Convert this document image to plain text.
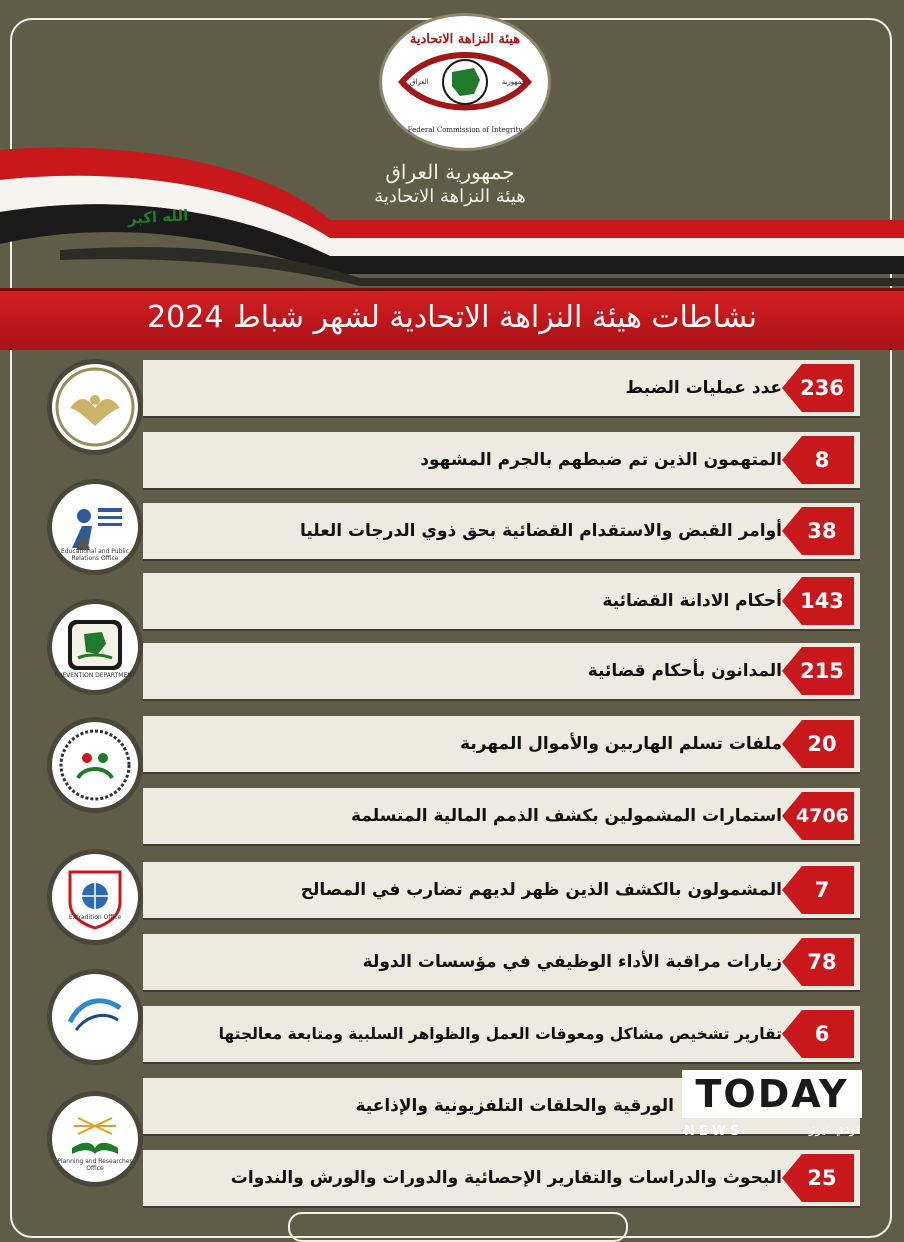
الله اكبر
هيئة النزاهة الاتحادية
العراق	جمهورية
Federal Commission of Integrity
جمهورية العراق
هيئة النزاهة الاتحادية
نشاطات هيئة النزاهة الاتحادية لشهر شباط 2024
Educational and Public Relations Office
PREVENTION DEPARTMENT
Extradition Office
Planning and Researches Office
عدد عمليات الضبط 236
المتهمون الذين تم ضبطهم بالجرم المشهود	8
أوامر القبض والاستقدام القضائية بحق ذوي الدرجات العليا	38
أحكام الادانة القضائية 143
المدانون بأحكام قضائية 215
ملفات تسلم الهاربين والأموال المهربة	20
استمارات المشمولين بكشف الذمم المالية المتسلمة 4706
المشمولون بالكشف الذين ظهر لديهم تضارب في المصالح	7
زيارات مراقبة الأداء الوظيفي في مؤسسات الدولة	78
تقارير تشخيص مشاكل ومعوقات العمل والظواهر السلبية ومتابعة معالجتها	6
الورقية والحلقات التلفزيونية والإذاعية
البحوث والدراسات والتقارير الإحصائية والدورات والورش والندوات	25
TODAY
NEWS	تودي نيوز
